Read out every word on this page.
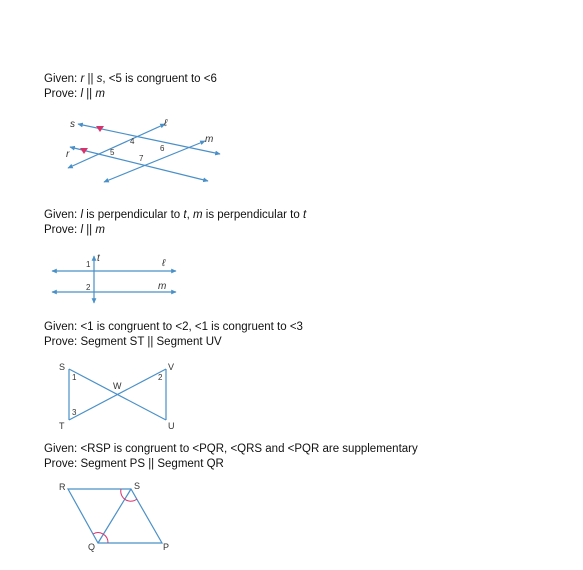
Given: r || s, <5 is congruent to <6
Prove: l || m
s	ℓ
m
r
4
5	6
7
Given: l is perpendicular to t, m is perpendicular to t
Prove: l || m
t	ℓ
m
1
2
Given: <1 is congruent to <2, <1 is congruent to <3
Prove: Segment ST || Segment UV
S	V
W
T	U
1	2
3
Given: <RSP is congruent to <PQR, <QRS and <PQR are supplementary
Prove: Segment PS || Segment QR
R	S
Q	P
